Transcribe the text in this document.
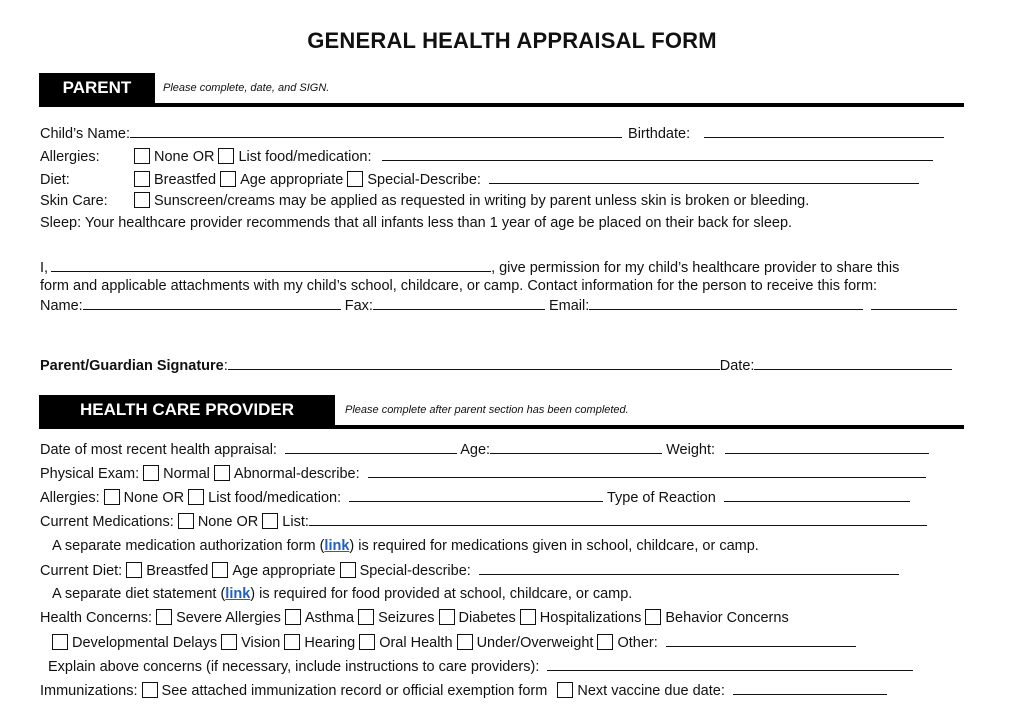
GENERAL HEALTH APPRAISAL FORM
PARENT	Please complete, date, and SIGN.
Child’s Name:	Birthdate:
Allergies:	None OR List food/medication:
Diet:	Breastfed Age appropriate Special-Describe:
Skin Care:	Sunscreen/creams may be applied as requested in writing by parent unless skin is broken or bleeding.
Sleep: Your healthcare provider recommends that all infants less than 1 year of age be placed on their back for sleep.
I,	, give permission for my child’s healthcare provider to share this
form and applicable attachments with my child’s school, childcare, or camp. Contact information for the person to receive this form:
Name:	Fax:	Email:
Parent/Guardian Signature:	Date:
HEALTH CARE PROVIDER	Please complete after parent section has been completed.
Date of most recent health appraisal:	Age:	Weight:
Physical Exam: Normal Abnormal-describe:
Allergies: None OR List food/medication:	Type of Reaction
Current Medications: None OR List:
A separate medication authorization form (link) is required for medications given in school, childcare, or camp.
Current Diet: Breastfed Age appropriate Special-describe:
A separate diet statement (link) is required for food provided at school, childcare, or camp.
Health Concerns: Severe Allergies Asthma Seizures Diabetes Hospitalizations Behavior Concerns
Developmental Delays Vision Hearing Oral Health Under/Overweight Other:
Explain above concerns (if necessary, include instructions to care providers):
Immunizations: See attached immunization record or official exemption form Next vaccine due date:
